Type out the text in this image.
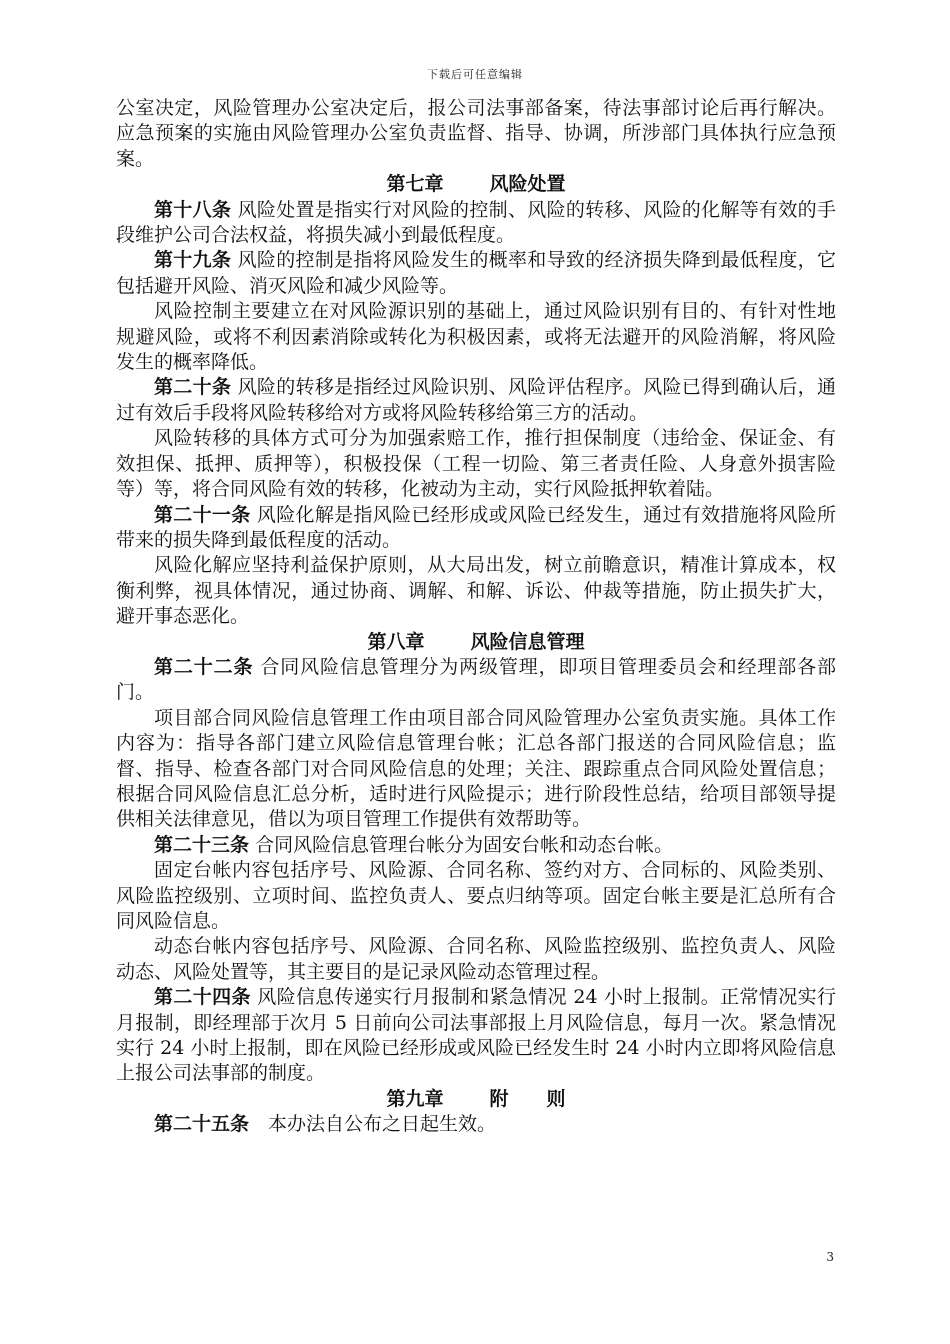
下载后可任意编辑

公室决定，风险管理办公室决定后，报公司法事部备案，待法事部讨论后再行解决。应急预案的实施由风险管理办公室负责监督、指导、协调，所涉部门具体执行应急预案。

第七章 风险处置

第十八条 风险处置是指实行对风险的控制、风险的转移、风险的化解等有效的手段维护公司合法权益，将损失减小到最低程度。

第十九条 风险的控制是指将风险发生的概率和导致的经济损失降到最低程度，它包括避开风险、消灭风险和减少风险等。

风险控制主要建立在对风险源识别的基础上，通过风险识别有目的、有针对性地规避风险，或将不利因素消除或转化为积极因素，或将无法避开的风险消解，将风险发生的概率降低。

第二十条 风险的转移是指经过风险识别、风险评估程序。风险已得到确认后，通过有效后手段将风险转移给对方或将风险转移给第三方的活动。

风险转移的具体方式可分为加强索赔工作，推行担保制度（违给金、保证金、有效担保、抵押、质押等），积极投保（工程一切险、第三者责任险、人身意外损害险等）等，将合同风险有效的转移，化被动为主动，实行风险抵押软着陆。

第二十一条 风险化解是指风险已经形成或风险已经发生，通过有效措施将风险所带来的损失降到最低程度的活动。

风险化解应坚持利益保护原则，从大局出发，树立前瞻意识，精准计算成本，权衡利弊，视具体情况，通过协商、调解、和解、诉讼、仲裁等措施，防止损失扩大，避开事态恶化。

第八章 风险信息管理

第二十二条 合同风险信息管理分为两级管理，即项目管理委员会和经理部各部门。

项目部合同风险信息管理工作由项目部合同风险管理办公室负责实施。具体工作内容为：指导各部门建立风险信息管理台帐；汇总各部门报送的合同风险信息；监督、指导、检查各部门对合同风险信息的处理；关注、跟踪重点合同风险处置信息；根据合同风险信息汇总分析，适时进行风险提示；进行阶段性总结，给项目部领导提供相关法律意见，借以为项目管理工作提供有效帮助等。

第二十三条 合同风险信息管理台帐分为固安台帐和动态台帐。

固定台帐内容包括序号、风险源、合同名称、签约对方、合同标的、风险类别、风险监控级别、立项时间、监控负责人、要点归纳等项。固定台帐主要是汇总所有合同风险信息。

动态台帐内容包括序号、风险源、合同名称、风险监控级别、监控负责人、风险动态、风险处置等，其主要目的是记录风险动态管理过程。

第二十四条 风险信息传递实行月报制和紧急情况 24 小时上报制。正常情况实行月报制，即经理部于次月 5 日前向公司法事部报上月风险信息，每月一次。紧急情况实行 24 小时上报制，即在风险已经形成或风险已经发生时 24 小时内立即将风险信息上报公司法事部的制度。

第九章 附　　则

第二十五条　 本办法自公布之日起生效。

3
